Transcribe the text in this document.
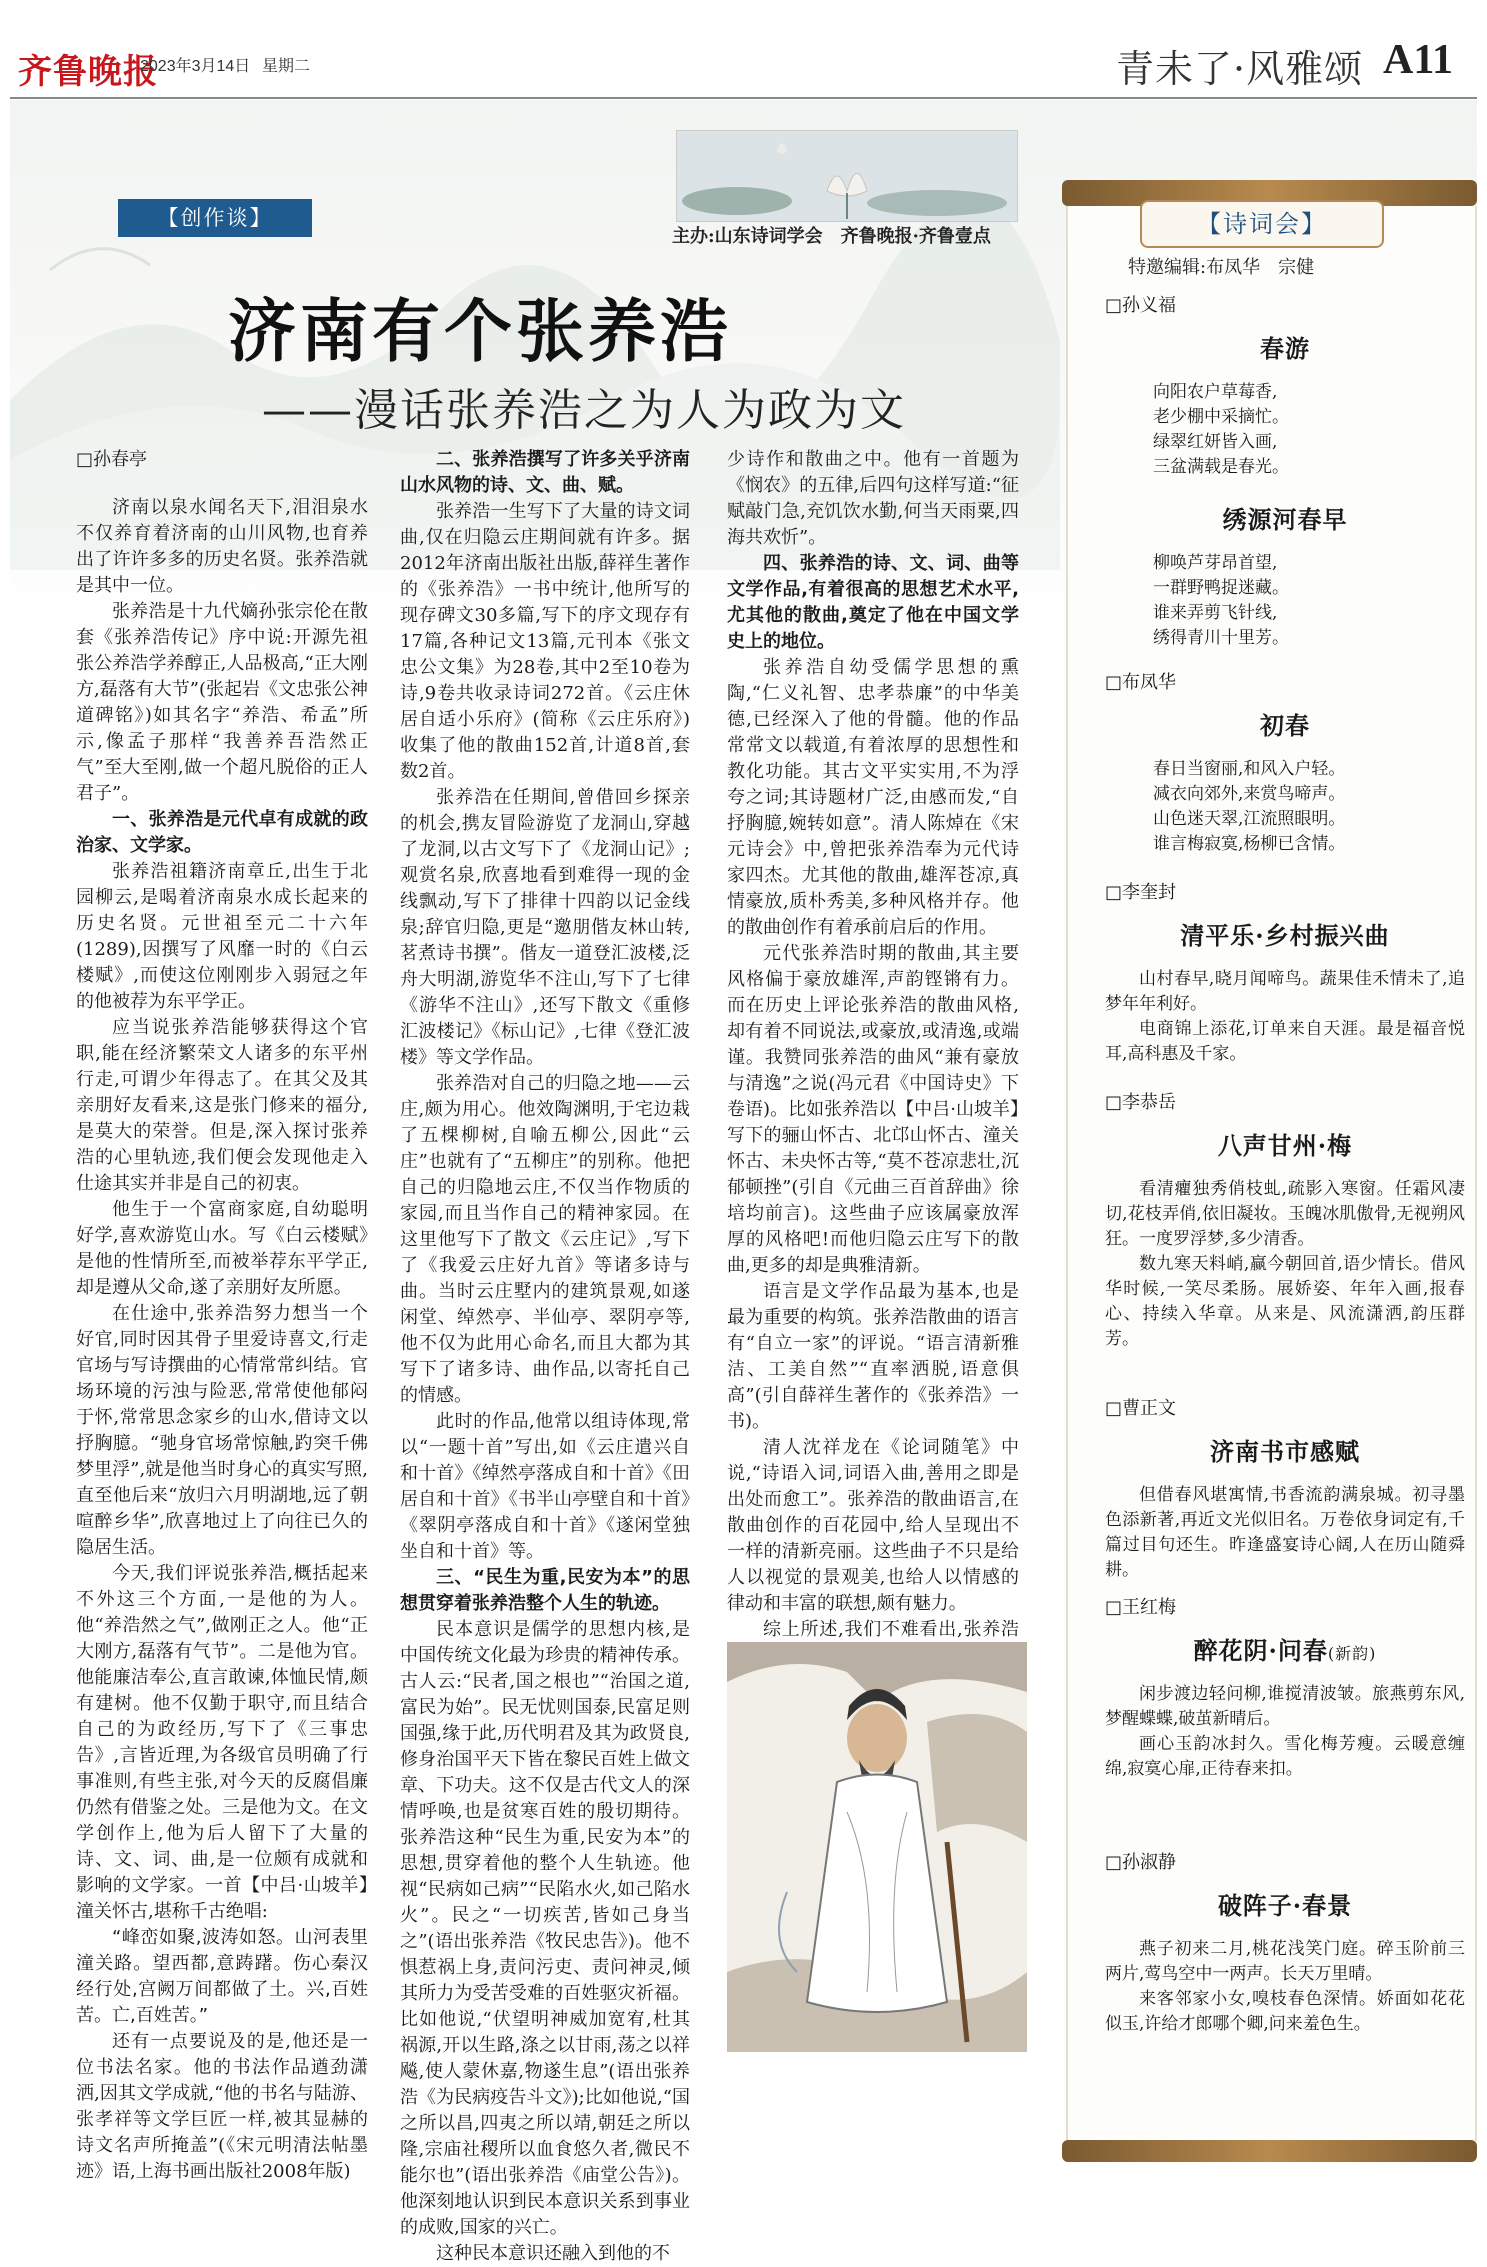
齐鲁晚报
2023年3月14日 星期二	青未了·风雅颂 A11
主办:山东诗词学会　齐鲁晚报·齐鲁壹点
【创作谈】
济南有个张养浩
——漫话张养浩之为人为政为文

□孙春亭

济南以泉水闻名天下,泪泪泉水不仅养育着济南的山川风物,也育养出了许许多多的历史名贤。张养浩就是其中一位。

张养浩是十九代嫡孙张宗伦在散套《张养浩传记》序中说:开源先祖张公养浩学养醇正,人品极高,“正大刚方,磊落有大节”(张起岩《文忠张公神道碑铭》)如其名字“养浩、希孟”所示,像孟子那样“我善养吾浩然正气”至大至刚,做一个超凡脱俗的正人君子”。

一、张养浩是元代卓有成就的政治家、文学家。

张养浩祖籍济南章丘,出生于北园柳云,是喝着济南泉水成长起来的历史名贤。元世祖至元二十六年(1289),因撰写了风靡一时的《白云楼赋》,而使这位刚刚步入弱冠之年的他被荐为东平学正。

应当说张养浩能够获得这个官职,能在经济繁荣文人诸多的东平州行走,可谓少年得志了。在其父及其亲朋好友看来,这是张门修来的福分,是莫大的荣誉。但是,深入探讨张养浩的心里轨迹,我们便会发现他走入仕途其实并非是自己的初衷。

他生于一个富商家庭,自幼聪明好学,喜欢游览山水。写《白云楼赋》是他的性情所至,而被举荐东平学正,却是遵从父命,遂了亲朋好友所愿。

在仕途中,张养浩努力想当一个好官,同时因其骨子里爱诗喜文,行走官场与写诗撰曲的心情常常纠结。官场环境的污浊与险恶,常常使他郁闷于怀,常常思念家乡的山水,借诗文以抒胸臆。“驰身官场常惊触,趵突千佛梦里浮”,就是他当时身心的真实写照,直至他后来“放归六月明湖地,远了朝喧醉乡华”,欣喜地过上了向往已久的隐居生活。

今天,我们评说张养浩,概括起来不外这三个方面,一是他的为人。他“养浩然之气”,做刚正之人。他“正大刚方,磊落有气节”。二是他为官。他能廉洁奉公,直言敢谏,体恤民情,颇有建树。他不仅勤于职守,而且结合自己的为政经历,写下了《三事忠告》,言皆近理,为各级官员明确了行事准则,有些主张,对今天的反腐倡廉仍然有借鉴之处。三是他为文。在文学创作上,他为后人留下了大量的诗、文、词、曲,是一位颇有成就和影响的文学家。一首【中吕·山坡羊】潼关怀古,堪称千古绝唱:

“峰峦如聚,波涛如怒。山河表里潼关路。望西都,意踌躇。伤心秦汉经行处,宫阙万间都做了土。兴,百姓苦。亡,百姓苦。”

还有一点要说及的是,他还是一位书法名家。他的书法作品遒劲潇洒,因其文学成就,“他的书名与陆游、张孝祥等文学巨匠一样,被其显赫的诗文名声所掩盖”(《宋元明清法帖墨迹》语,上海书画出版社2008年版)

二、张养浩撰写了许多关乎济南山水风物的诗、文、曲、赋。

张养浩一生写下了大量的诗文词曲,仅在归隐云庄期间就有许多。据2012年济南出版社出版,薛祥生著作的《张养浩》一书中统计,他所写的现存碑文30多篇,写下的序文现存有17篇,各种记文13篇,元刊本《张文忠公文集》为28卷,其中2至10卷为诗,9卷共收录诗词272首。《云庄休居自适小乐府》(简称《云庄乐府》)收集了他的散曲152首,计道8首,套数2首。

张养浩在任期间,曾借回乡探亲的机会,携友冒险游览了龙洞山,穿越了龙洞,以古文写下了《龙洞山记》;观赏名泉,欣喜地看到难得一现的金线飘动,写下了排律十四韵以记金线泉;辞官归隐,更是“邀朋偕友林山转,茗煮诗书撰”。偕友一道登汇波楼,泛舟大明湖,游览华不注山,写下了七律《游华不注山》,还写下散文《重修汇波楼记》《标山记》,七律《登汇波楼》等文学作品。

张养浩对自己的归隐之地——云庄,颇为用心。他效陶渊明,于宅边栽了五棵柳树,自喻五柳公,因此“云庄”也就有了“五柳庄”的别称。他把自己的归隐地云庄,不仅当作物质的家园,而且当作自己的精神家园。在这里他写下了散文《云庄记》,写下了《我爱云庄好九首》等诸多诗与曲。当时云庄墅内的建筑景观,如遂闲堂、绰然亭、半仙亭、翠阴亭等,他不仅为此用心命名,而且大都为其写下了诸多诗、曲作品,以寄托自己的情感。

此时的作品,他常以组诗体现,常以“一题十首”写出,如《云庄遣兴自和十首》《绰然亭落成自和十首》《田居自和十首》《书半山亭壁自和十首》《翠阴亭落成自和十首》《遂闲堂独坐自和十首》等。

三、“民生为重,民安为本”的思想贯穿着张养浩整个人生的轨迹。

民本意识是儒学的思想内核,是中国传统文化最为珍贵的精神传承。古人云:“民者,国之根也”“治国之道,富民为始”。民无忧则国泰,民富足则国强,缘于此,历代明君及其为政贤良,修身治国平天下皆在黎民百姓上做文章、下功夫。这不仅是古代文人的深情呼唤,也是贫寒百姓的殷切期待。张养浩这种“民生为重,民安为本”的思想,贯穿着他的整个人生轨迹。他视“民病如己病”“民陷水火,如己陷水火”。民之“一切疾苦,皆如己身当之”(语出张养浩《牧民忠告》)。他不惧惹祸上身,责问污吏、责问神灵,倾其所力为受苦受难的百姓驱灾祈福。比如他说,“伏望明神威加宽宥,杜其祸源,开以生路,涤之以甘雨,荡之以祥飚,使人蒙休嘉,物遂生息”(语出张养浩《为民病疫告斗文》);比如他说,“国之所以昌,四夷之所以靖,朝廷之所以隆,宗庙社稷所以血食悠久者,微民不能尔也”(语出张养浩《庙堂公告》)。他深刻地认识到民本意识关系到事业的成败,国家的兴亡。

这种民本意识还融入到他的不

少诗作和散曲之中。他有一首题为《悯农》的五律,后四句这样写道:“征赋敲门急,充饥饮水勤,何当天雨粟,四海共欢忻”。

四、张养浩的诗、文、词、曲等文学作品,有着很高的思想艺术水平,尤其他的散曲,奠定了他在中国文学史上的地位。

张养浩自幼受儒学思想的熏陶,“仁义礼智、忠孝恭廉”的中华美德,已经深入了他的骨髓。他的作品常常文以载道,有着浓厚的思想性和教化功能。其古文平实实用,不为浮夸之词;其诗题材广泛,由感而发,“自抒胸臆,婉转如意”。清人陈焯在《宋元诗会》中,曾把张养浩奉为元代诗家四杰。尤其他的散曲,雄浑苍凉,真情豪放,质朴秀美,多种风格并存。他的散曲创作有着承前启后的作用。

元代张养浩时期的散曲,其主要风格偏于豪放雄浑,声韵铿锵有力。而在历史上评论张养浩的散曲风格,却有着不同说法,或豪放,或清逸,或端谨。我赞同张养浩的曲风“兼有豪放与清逸”之说(冯元君《中国诗史》下卷语)。比如张养浩以【中吕·山坡羊】写下的骊山怀古、北邙山怀古、潼关怀古、未央怀古等,“莫不苍凉悲壮,沉郁顿挫”(引自《元曲三百首辞曲》徐培均前言)。这些曲子应该属豪放浑厚的风格吧!而他归隐云庄写下的散曲,更多的却是典雅清新。

语言是文学作品最为基本,也是最为重要的构筑。张养浩散曲的语言有“自立一家”的评说。“语言清新雅洁、工美自然”“直率洒脱,语意俱高”(引自薛祥生著作的《张养浩》一书)。

清人沈祥龙在《论词随笔》中说,“诗语入词,词语入曲,善用之即是出处而愈工”。张养浩的散曲语言,在散曲创作的百花园中,给人呈现出不一样的清新亮丽。这些曲子不只是给人以视觉的景观美,也给人以情感的律动和丰富的联想,颇有魅力。

综上所述,我们不难看出,张养浩

【诗词会】
特邀编辑:布凤华　宗健
□孙义福
春游
向阳农户草莓香,
老少棚中采摘忙。
绿翠红妍皆入画,
三盆满载是春光。
绣源河春早
柳唤芦芽昂首望,
一群野鸭捉迷藏。
谁来弄剪飞针线,
绣得青川十里芳。
□布凤华
初春
春日当窗丽,和风入户轻。
减衣向郊外,来赏鸟啼声。
山色迷天翠,江流照眼明。
谁言梅寂寞,杨柳已含情。
□李奎封
清平乐·乡村振兴曲
山村春早,晓月闻啼鸟。蔬果佳禾情未了,追梦年年利好。
电商锦上添花,订单来自天涯。最是福音悦耳,高科惠及千家。
□李恭岳
八声甘州·梅
看清癯独秀俏枝虬,疏影入寒窗。任霜风凄切,花枝弄俏,依旧凝妆。玉魄冰肌傲骨,无视朔风狂。一度罗浮梦,多少清香。
数九寒天料峭,赢今朝回首,语少情长。借风华时候,一笑尽柔肠。展娇姿、年年入画,报春心、持续入华章。从来是、风流潇洒,韵压群芳。
□曹正文
济南书市感赋
但借春风堪寓情,书香流韵满泉城。初寻墨色添新著,再近文光似旧名。万卷依身词定有,千篇过目句还生。昨逢盛宴诗心阔,人在历山随舜耕。
□王红梅
醉花阴·问春(新韵)
闲步渡边轻问柳,谁搅清波皱。旅燕剪东风,梦醒蝶蝶,破茧新晴后。
画心玉韵冰封久。雪化梅芳瘦。云暖意缠绵,寂寞心扉,正待春来扣。
□孙淑静
破阵子·春景
燕子初来二月,桃花浅笑门庭。碎玉阶前三两片,莺鸟空中一两声。长天万里晴。
来客邻家小女,嗅枝春色深情。娇面如花花似玉,许给才郎哪个卿,问来羞色生。
